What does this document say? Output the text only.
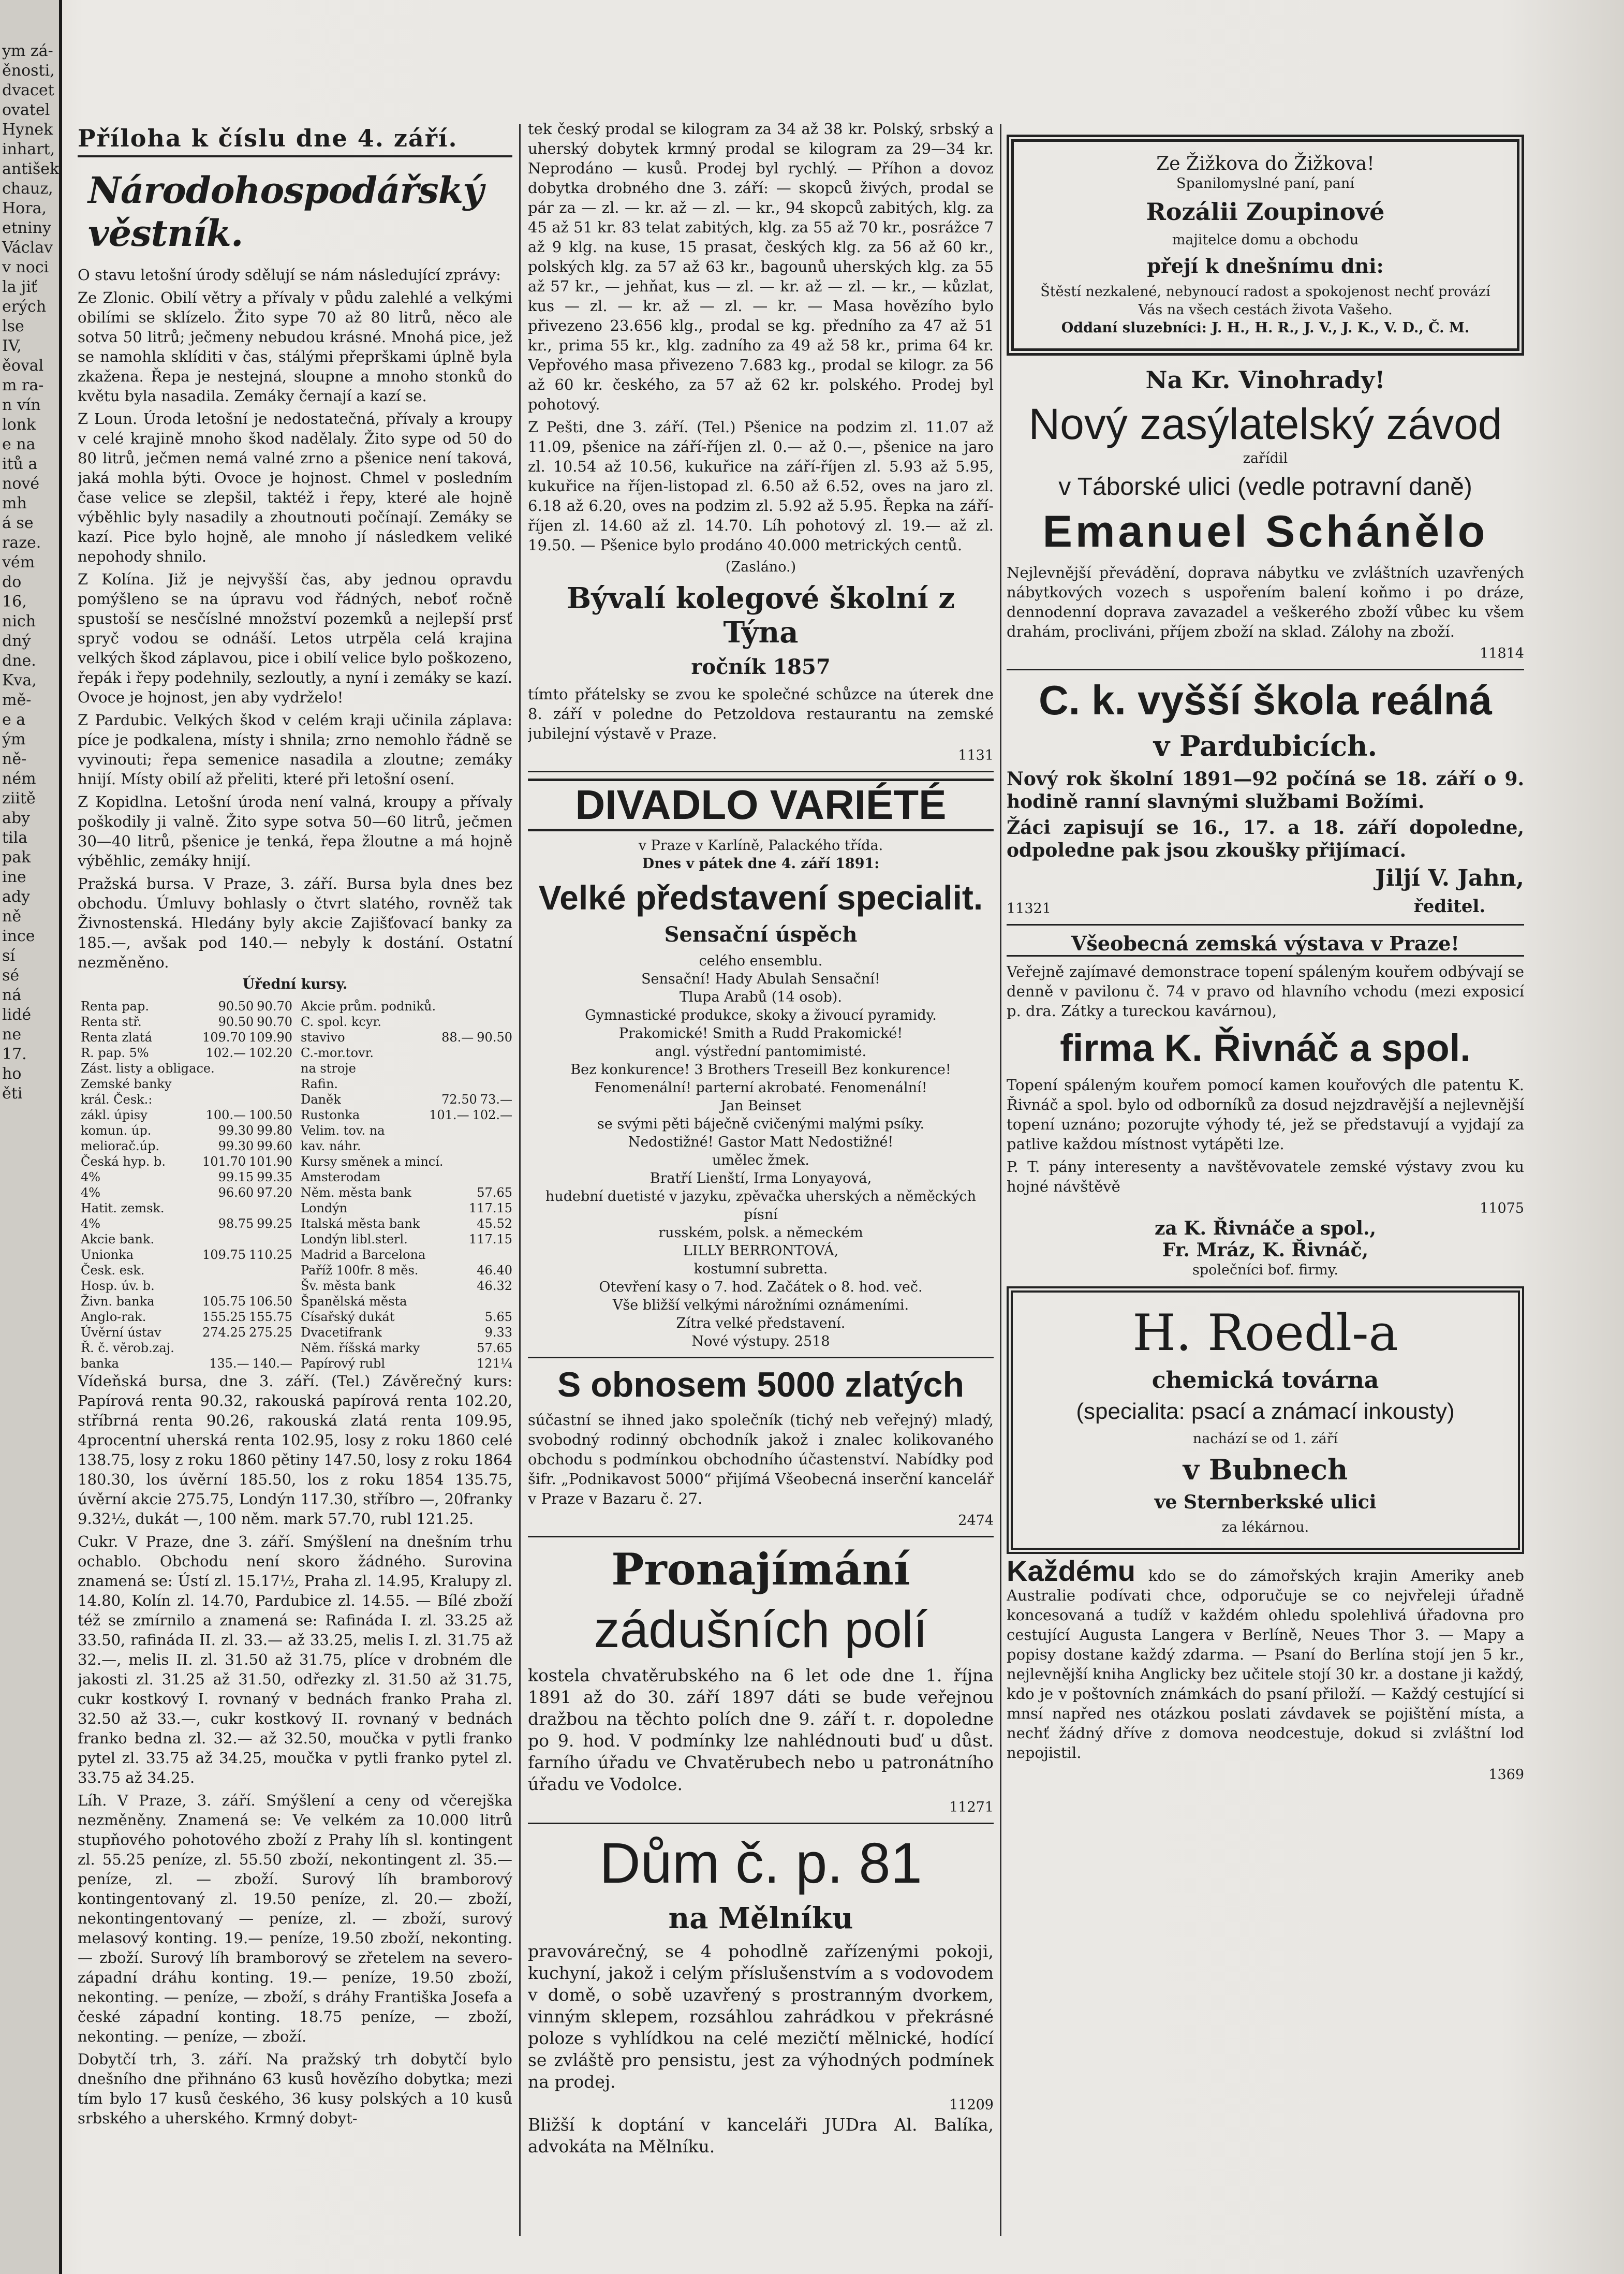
ym zá-
ěnosti,
dvacet
ovatel
Hynek
inhart,
antišek
chauz,
Hora,
etniny
Václav
v noci
la jiť
erých
lse
IV,
ěoval
m ra-
n vín
lonk
e na
itů a
nové
mh
á se
raze.
vém
do
16,
nich
dný
dne.
Kva,
mě-
e a
ým
ně-
ném
ziitě
aby
tila
pak
ine
ady
ně
ince
sí
sé
ná
lidé
ne
17.
ho
ěti
Příloha k číslu dne 4. září.
Národohospodářský věstník.

O stavu letošní úrody sdělují se nám následující zprávy:

Ze Zlonic. Obilí větry a přívaly v půdu zalehlé a velkými obilími se sklízelo. Žito sype 70 až 80 litrů, něco ale sotva 50 litrů; ječmeny nebudou krásné. Mnohá pice, jež se namohla sklíditi v čas, stálými přeprškami úplně byla zkažena. Řepa je nestejná, sloupne a mnoho stonků do květu byla nasadila. Zemáky černají a kazí se.

Z Loun. Úroda letošní je nedostatečná, přívaly a kroupy v celé krajině mnoho škod nadělaly. Žito sype od 50 do 80 litrů, ječmen nemá valné zrno a pšenice není taková, jaká mohla býti. Ovoce je hojnost. Chmel v posledním čase velice se zlepšil, taktéž i řepy, které ale hojně výběhlic byly nasadily a zhoutnouti počínají. Zemáky se kazí. Pice bylo hojně, ale mnoho jí následkem veliké nepohody shnilo.

Z Kolína. Již je nejvyšší čas, aby jednou opravdu pomýšleno se na úpravu vod řádných, neboť ročně spustoší se nesčíslné množství pozemků a nejlepší prsť spryč vodou se odnáší. Letos utrpěla celá krajina velkých škod záplavou, pice i obilí velice bylo poškozeno, řepák i řepy podehnily, sezloutly, a nyní i zemáky se kazí. Ovoce je hojnost, jen aby vydrželo!

Z Pardubic. Velkých škod v celém kraji učinila záplava: píce je podkalena, místy i shnila; zrno nemohlo řádně se vyvinouti; řepa semenice nasadila a zloutne; zemáky hnijí. Místy obilí až přeliti, které při letošní osení.

Z Kopidlna. Letošní úroda není valná, kroupy a přívaly poškodily ji valně. Žito sype sotva 50—60 litrů, ječmen 30—40 litrů, pšenice je tenká, řepa žloutne a má hojně výběhlic, zemáky hnijí.

Pražská bursa. V Praze, 3. září. Bursa byla dnes bez obchodu. Úmluvy bohlasly o čtvrt slatého, rovněž tak Živnostenská. Hledány byly akcie Zajišťovací banky za 185.—, avšak pod 140.— nebyly k dostání. Ostatní nezměněno.

Úřední kursy.
Renta pap.	90.50 90.70
Renta stř.	90.50 90.70
Renta zlatá	109.70 109.90
R. pap. 5%	102.— 102.20
Zást. listy a obligace.
Zemské banky
král. Česk.:
zákl. úpisy	100.— 100.50
komun. úp.	99.30 99.80
meliorač.úp.	99.30 99.60
Česká hyp. b.	101.70 101.90
4%	99.15 99.35
4%	96.60 97.20
Hatit. zemsk.
4%	98.75 99.25
Akcie bank.
Unionka	109.75 110.25
Česk. esk.
Hosp. úv. b.
Živn. banka	105.75 106.50
Anglo-rak.	155.25 155.75
Úvěrní ústav	274.25 275.25
Ř. č. věrob.zaj.
banka	135.— 140.—
Akcie prům. podniků.
C. spol. kcyr.
stavivo	88.— 90.50
C.-mor.tovr.
na stroje
Rafin.
Daněk	72.50 73.—
Rustonka	101.— 102.—
Velim. tov. na
kav. náhr.
Kursy směnek a mincí.
Amsterodam
Něm. města bank	57.65
Londýn	117.15
Italská města bank	45.52
Londýn libl.sterl.	117.15
Madrid a Barcelona
Paříž 100fr. 8 měs.	46.40
Šv. města bank	46.32
Španělská města
Císařský dukát	5.65
Dvacetifrank	9.33
Něm. říšská marky	57.65
Papírový rubl	121¼

Vídeňská bursa, dne 3. září. (Tel.) Závěrečný kurs: Papírová renta 90.32, rakouská papírová renta 102.20, stříbrná renta 90.26, rakouská zlatá renta 109.95, 4procentní uherská renta 102.95, losy z roku 1860 celé 138.75, losy z roku 1860 pětiny 147.50, losy z roku 1864 180.30, los úvěrní 185.50, los z roku 1854 135.75, úvěrní akcie 275.75, Londýn 117.30, stříbro —, 20franky 9.32½, dukát —, 100 něm. mark 57.70, rubl 121.25.

Cukr. V Praze, dne 3. září. Smýšlení na dnešním trhu ochablo. Obchodu není skoro žádného. Surovina znamená se: Ústí zl. 15.17½, Praha zl. 14.95, Kralupy zl. 14.80, Kolín zl. 14.70, Pardubice zl. 14.55. — Bílé zboží též se zmírnilo a znamená se: Rafináda I. zl. 33.25 až 33.50, rafináda II. zl. 33.— až 33.25, melis I. zl. 31.75 až 32.—, melis II. zl. 31.50 až 31.75, plíce v drobném dle jakosti zl. 31.25 až 31.50, odřezky zl. 31.50 až 31.75, cukr kostkový I. rovnaný v bednách franko Praha zl. 32.50 až 33.—, cukr kostkový II. rovnaný v bednách franko bedna zl. 32.— až 32.50, moučka v pytli franko pytel zl. 33.75 až 34.25, moučka v pytli franko pytel zl. 33.75 až 34.25.

Líh. V Praze, 3. září. Smýšlení a ceny od včerejška nezměněny. Znamená se: Ve velkém za 10.000 litrů stupňového pohotového zboží z Prahy líh sl. kontingent zl. 55.25 peníze, zl. 55.50 zboží, nekontingent zl. 35.— peníze, zl. — zboží. Surový líh bramborový kontingentovaný zl. 19.50 peníze, zl. 20.— zboží, nekontingentovaný — peníze, zl. — zboží, surový melasový konting. 19.— peníze, 19.50 zboží, nekonting. — zboží. Surový líh bramborový se zřetelem na severo-západní dráhu konting. 19.— peníze, 19.50 zboží, nekonting. — peníze, — zboží, s dráhy Františka Josefa a české západní konting. 18.75 peníze, — zboží, nekonting. — peníze, — zboží.

Dobytčí trh, 3. září. Na pražský trh dobytčí bylo dnešního dne přihnáno 63 kusů hovězího dobytka; mezi tím bylo 17 kusů českého, 36 kusy polských a 10 kusů srbského a uherského. Krmný dobyt-

tek český prodal se kilogram za 34 až 38 kr. Polský, srbský a uherský dobytek krmný prodal se kilogram za 29—34 kr. Neprodáno — kusů. Prodej byl rychlý. — Příhon a dovoz dobytka drobného dne 3. září: — skopců živých, prodal se pár za — zl. — kr. až — zl. — kr., 94 skopců zabitých, klg. za 45 až 51 kr. 83 telat zabitých, klg. za 55 až 70 kr., posrážce 7 až 9 klg. na kuse, 15 prasat, českých klg. za 56 až 60 kr., polských klg. za 57 až 63 kr., bagounů uherských klg. za 55 až 57 kr., — jehňat, kus — zl. — kr. až — zl. — kr., — kůzlat, kus — zl. — kr. až — zl. — kr. — Masa hovězího bylo přivezeno 23.656 klg., prodal se kg. předního za 47 až 51 kr., prima 55 kr., klg. zadního za 49 až 58 kr., prima 64 kr. Vepřového masa přivezeno 7.683 kg., prodal se kilogr. za 56 až 60 kr. českého, za 57 až 62 kr. polského. Prodej byl pohotový.

Z Pešti, dne 3. září. (Tel.) Pšenice na podzim zl. 11.07 až 11.09, pšenice na září-říjen zl. 0.— až 0.—, pšenice na jaro zl. 10.54 až 10.56, kukuřice na září-říjen zl. 5.93 až 5.95, kukuřice na říjen-listopad zl. 6.50 až 6.52, oves na jaro zl. 6.18 až 6.20, oves na podzim zl. 5.92 až 5.95. Řepka na září-říjen zl. 14.60 až zl. 14.70. Líh pohotový zl. 19.— až zl. 19.50. — Pšenice bylo prodáno 40.000 metrických centů.

(Zasláno.)
Bývalí kolegové školní z Týna
ročník 1857

tímto přátelsky se zvou ke společné schůzce na úterek dne 8. září v poledne do Petzoldova restaurantu na zemské jubilejní výstavě v Praze.

1131
DIVADLO VARIÉTÉ
v Praze v Karlíně, Palackého třída.
Dnes v pátek dne 4. září 1891:
Velké představení specialit.
Sensační úspěch
celého ensemblu.
Sensační! Hady Abulah Sensační!
Tlupa Arabů (14 osob).
Gymnastické produkce, skoky a živoucí pyramidy.
Prakomické! Smith a Rudd Prakomické!
angl. výstřední pantomimisté.
Bez konkurence! 3 Brothers Treseill Bez konkurence!
Fenomenální! parterní akrobaté. Fenomenální!
Jan Beinset
se svými pěti báječně cvičenými malými psíky.
Nedostižné! Gastor Matt Nedostižné!
umělec žmek.
Bratří Lienští, Irma Lonyayová,
hudební duetisté v jazyku, zpěvačka uherských a něměckých písní
rusském, polsk. a německém
LILLY BERRONTOVÁ,
kostumní subretta.
Otevření kasy o 7. hod. Začátek o 8. hod. več.
Vše bližší velkými nárožními oznámeními.
Zítra velké představení.
Nové výstupy. 2518
S obnosem 5000 zlatých

súčastní se ihned jako společník (tichý neb veřejný) mladý, svobodný rodinný obchodník jakož i znalec kolikovaného obchodu s podmínkou obchodního účastenství. Nabídky pod šifr. „Podnikavost 5000“ přijímá Všeobecná inserční kancelář v Praze v Bazaru č. 27.

2474
Pronajímání
zádušních polí

kostela chvatěrubského na 6 let ode dne 1. října 1891 až do 30. září 1897 dáti se bude veřejnou dražbou na těchto polích dne 9. září t. r. dopoledne po 9. hod. V podmínky lze nahlédnouti buď u důst. farního úřadu ve Chvatěrubech nebo u patronátního úřadu ve Vodolce.

11271
Dům č. p. 81
na Mělníku

pravovárečný, se 4 pohodlně zařízenými pokoji, kuchyní, jakož i celým příslušenstvím a s vodovodem v domě, o sobě uzavřený s prostranným dvorkem, vinným sklepem, rozsáhlou zahrádkou v překrásné poloze s vyhlídkou na celé mezičtí mělnické, hodící se zvláště pro pensistu, jest za výhodných podmínek na prodej.

11209

Bližší k doptání v kanceláři JUDra Al. Balíka, advokáta na Mělníku.

Ze Žižkova do Žižkova!
Spanilomyslné paní, paní
Rozálii Zoupinové
majitelce domu a obchodu
přejí k dnešnímu dni:
Štěstí nezkalené, nebynoucí radost a spokojenost nechť provází Vás na všech cestách života Vašeho.
Oddaní sluzebníci: J. H., H. R., J. V., J. K., V. D., Č. M.
Na Kr. Vinohrady!
Nový zasýlatelský závod
zařídil
v Táborské ulici (vedle potravní daně)
Emanuel Schánělo

Nejlevnější převádění, doprava nábytku ve zvláštních uzavřených nábytkových vozech s uspořením balení koňmo i po dráze, dennodenní doprava zavazadel a veškerého zboží vůbec ku všem drahám, procliváni, příjem zboží na sklad. Zálohy na zboží.

11814
C. k. vyšší škola reálná
v Pardubicích.

Nový rok školní 1891—92 počíná se 18. září o 9. hodině ranní slavnými službami Božími.

Žáci zapisují se 16., 17. a 18. září dopoledne, odpoledne pak jsou zkoušky přijímací.

11321
Jiljí V. Jahn,
ředitel.
Všeobecná zemská výstava v Praze!

Veřejně zajímavé demonstrace topení spáleným kouřem odbývají se denně v pavilonu č. 74 v pravo od hlavního vchodu (mezi exposicí p. dra. Zátky a tureckou kavárnou),

firma K. Řivnáč a spol.

Topení spáleným kouřem pomocí kamen kouřových dle patentu K. Řivnáč a spol. bylo od odborníků za dosud nejzdravější a nejlevnější topení uznáno; pozorujte výhody té, jež se představují a vyjdají za patlive každou místnost vytápěti lze.

P. T. pány interesenty a navštěvovatele zemské výstavy zvou ku hojné návštěvě

11075
za K. Řivnáče a spol.,
Fr. Mráz, K. Řivnáč,
společníci bof. firmy.
H. Roedl-a
chemická továrna
(specialita: psací a známací inkousty)
nachází se od 1. září
v Bubnech
ve Sternberkské ulici
za lékárnou.

Každému kdo se do zámořských krajin Ameriky aneb Australie podívati chce, odporučuje se co nejvřeleji úřadně koncesovaná a tudíž v každém ohledu spolehlivá úřadovna pro cestující Augusta Langera v Berlíně, Neues Thor 3. — Mapy a popisy dostane každý zdarma. — Psaní do Berlína stojí jen 5 kr., nejlevnější kniha Anglicky bez učitele stojí 30 kr. a dostane ji každý, kdo je v poštovních známkách do psaní přiloží. — Každý cestující si mnsí napřed nes otázkou poslati závdavek se pojištění místa, a nechť žádný dříve z domova neodcestuje, dokud si zvláštní lod nepojistil.

1369
